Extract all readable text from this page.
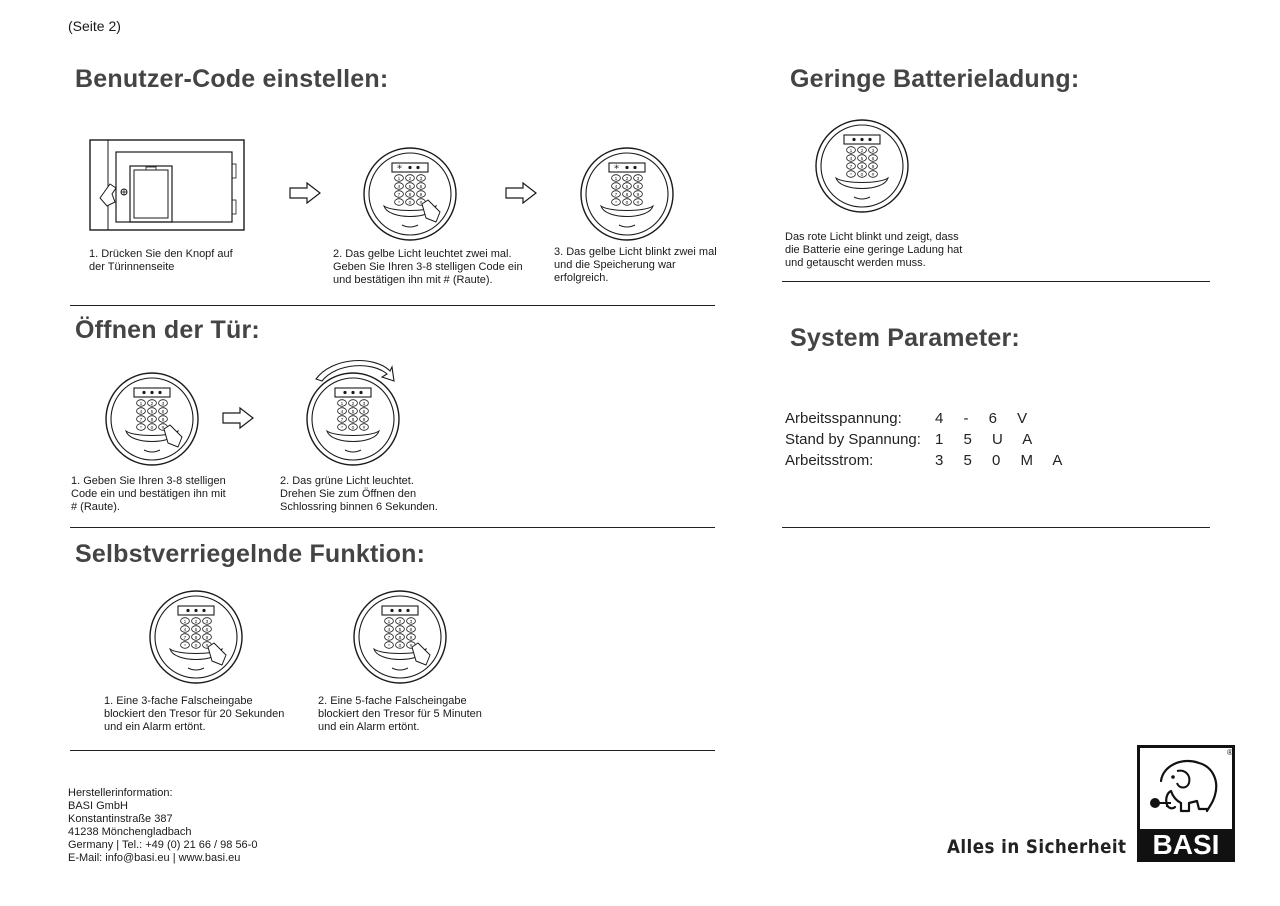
(Seite 2)
Benutzer-Code einstellen:
1. Drücken Sie den Knopf auf
der Türinnenseite
*
1 2 3
4 5 6
7 8 9
* 0 #
2. Das gelbe Licht leuchtet zwei mal.
Geben Sie Ihren 3-8 stelligen Code ein
und bestätigen ihn mit # (Raute).
*
1 2 3
4 5 6
7 8 9
* 0 #
3. Das gelbe Licht blinkt zwei mal
und die Speicherung war
erfolgreich.
Öffnen der Tür:
1 2 3
4 5 6
7 8 9
* 0 #
1. Geben Sie Ihren 3-8 stelligen
Code ein und bestätigen ihn mit
# (Raute).
1 2 3
4 5 6
7 8 9
* 0 #
2. Das grüne Licht leuchtet.
Drehen Sie zum Öffnen den
Schlossring binnen 6 Sekunden.
Selbstverriegelnde Funktion:
1 2 3
4 5 6
7 8 9
* 0 #
1. Eine 3-fache Falscheingabe
blockiert den Tresor für 20 Sekunden
und ein Alarm ertönt.
1 2 3
4 5 6
7 8 9
* 0 #
2. Eine 5-fache Falscheingabe
blockiert den Tresor für 5 Minuten
und ein Alarm ertönt.
Geringe Batterieladung:
1 2 3
4 5 6
7 8 9
* 0 #
Das rote Licht blinkt und zeigt, dass
die Batterie eine geringe Ladung hat
und getauscht werden muss.
System Parameter:
Arbeitsspannung:	4 - 6 V
Stand by Spannung: 1 5 U A
Arbeitsstrom:	3 5 0 M A
Herstellerinformation:
BASI GmbH
Konstantinstraße 387
41238 Mönchengladbach
Germany | Tel.: +49 (0) 21 66 / 98 56-0
E-Mail: info@basi.eu | www.basi.eu	Alles in Sicherheit
®
BASI
